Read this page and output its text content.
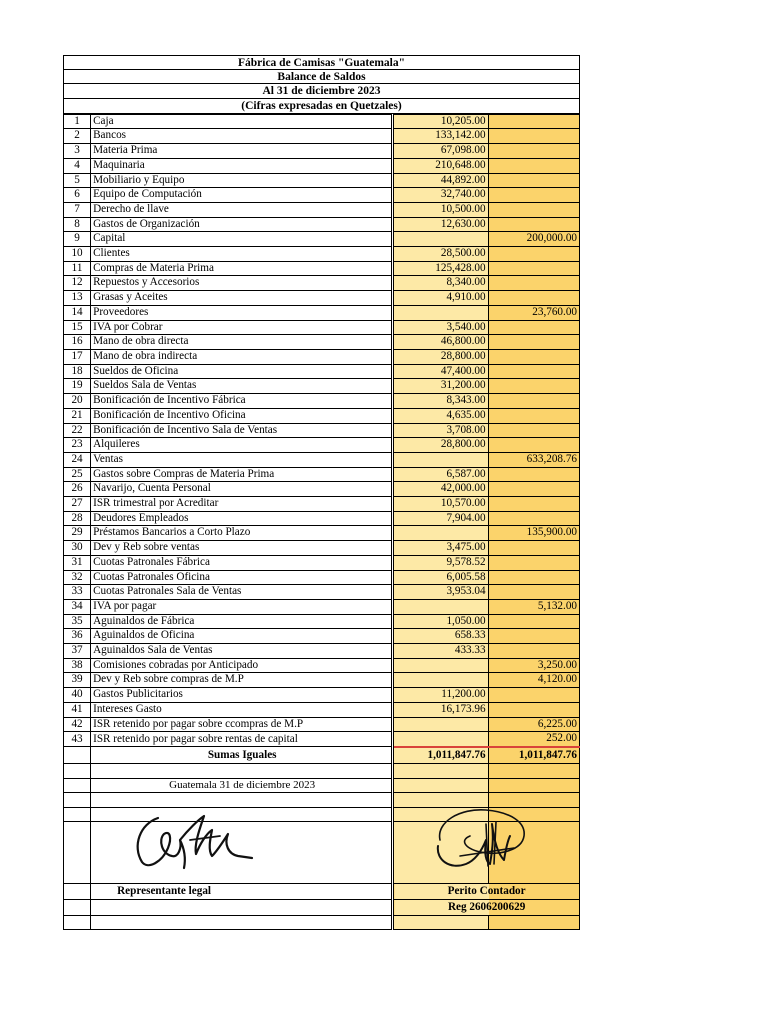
Fábrica de Camisas "Guatemala"
Balance de Saldos
Al 31 de diciembre 2023
(Cifras expresadas en Quetzales)
1	Caja	10,205.00	
2	Bancos	133,142.00	
3	Materia Prima	67,098.00	
4	Maquinaria	210,648.00	
5	Mobiliario y Equipo	44,892.00	
6	Equipo de Computación	32,740.00	
7	Derecho de llave	10,500.00	
8	Gastos de Organización	12,630.00	
9	Capital		200,000.00
10	Clientes	28,500.00	
11	Compras de Materia Prima	125,428.00	
12	Repuestos y Accesorios	8,340.00	
13	Grasas y Aceites	4,910.00	
14	Proveedores		23,760.00
15	IVA por Cobrar	3,540.00	
16	Mano de obra directa	46,800.00	
17	Mano de obra indirecta	28,800.00	
18	Sueldos de Oficina	47,400.00	
19	Sueldos Sala de Ventas	31,200.00	
20	Bonificación de Incentivo Fábrica	8,343.00	
21	Bonificación de Incentivo Oficina	4,635.00	
22	Bonificación de Incentivo Sala de Ventas	3,708.00	
23	Alquileres	28,800.00	
24	Ventas		633,208.76
25	Gastos sobre Compras de Materia Prima	6,587.00	
26	Navarijo, Cuenta Personal	42,000.00	
27	ISR trimestral por Acreditar	10,570.00	
28	Deudores Empleados	7,904.00	
29	Préstamos Bancarios a Corto Plazo		135,900.00
30	Dev y Reb sobre ventas	3,475.00	
31	Cuotas Patronales Fábrica	9,578.52	
32	Cuotas Patronales Oficina	6,005.58	
33	Cuotas Patronales Sala de Ventas	3,953.04	
34	IVA por pagar		5,132.00
35	Aguinaldos de Fábrica	1,050.00	
36	Aguinaldos de Oficina	658.33	
37	Aguinaldos Sala de Ventas	433.33	
38	Comisiones cobradas por Anticipado		3,250.00
39	Dev y Reb sobre compras de M.P		4,120.00
40	Gastos Publicitarios	11,200.00	
41	Intereses Gasto	16,173.96	
42	ISR retenido por pagar sobre ccompras de M.P		6,225.00
43	ISR retenido por pagar sobre rentas de capital		252.00
	Sumas Iguales	1,011,847.76	1,011,847.76

	Guatemala 31 de diciembre 2023		

	Representante legal	Perito Contador	
		Reg 2606200629	
